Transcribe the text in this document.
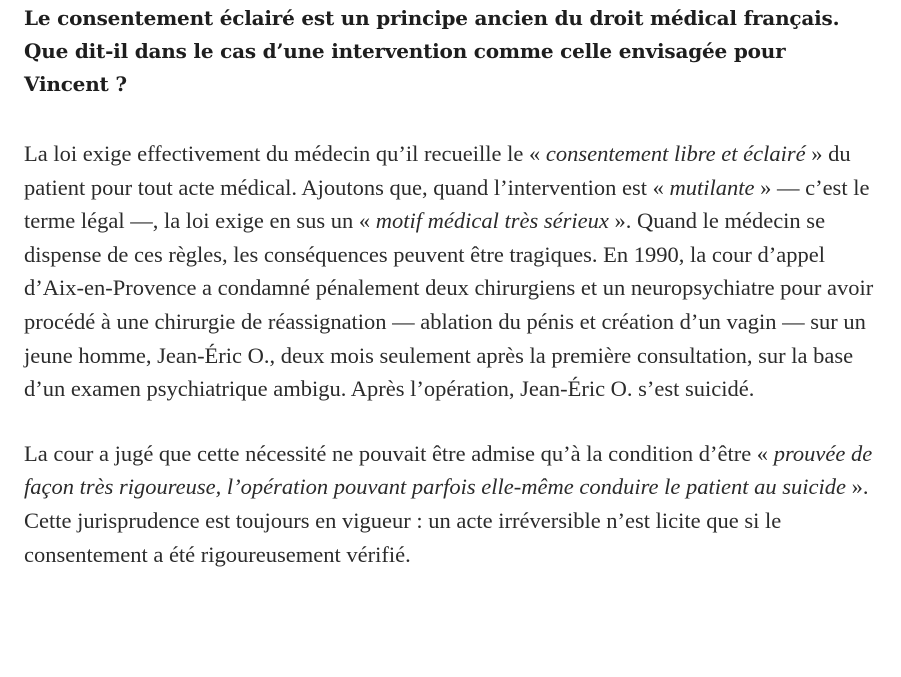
Le consentement éclairé est un principe ancien du droit médical français. Que dit-il dans le cas d’une intervention comme celle envisagée pour Vincent ?

La loi exige effectivement du médecin qu’il recueille le « consentement libre et éclairé » du patient pour tout acte médical. Ajoutons que, quand l’intervention est « mutilante » — c’est le terme légal —, la loi exige en sus un « motif médical très sérieux ». Quand le médecin se dispense de ces règles, les conséquences peuvent être tragiques. En 1990, la cour d’appel d’Aix-en-Provence a condamné pénalement deux chirurgiens et un neuropsychiatre pour avoir procédé à une chirurgie de réassignation — ablation du pénis et création d’un vagin — sur un jeune homme, Jean-Éric O., deux mois seulement après la première consultation, sur la base d’un examen psychiatrique ambigu. Après l’opération, Jean-Éric O. s’est suicidé.

La cour a jugé que cette nécessité ne pouvait être admise qu’à la condition d’être « prouvée de façon très rigoureuse, l’opération pouvant parfois elle-même conduire le patient au suicide ». Cette jurisprudence est toujours en vigueur : un acte irréversible n’est licite que si le consentement a été rigoureusement vérifié.
